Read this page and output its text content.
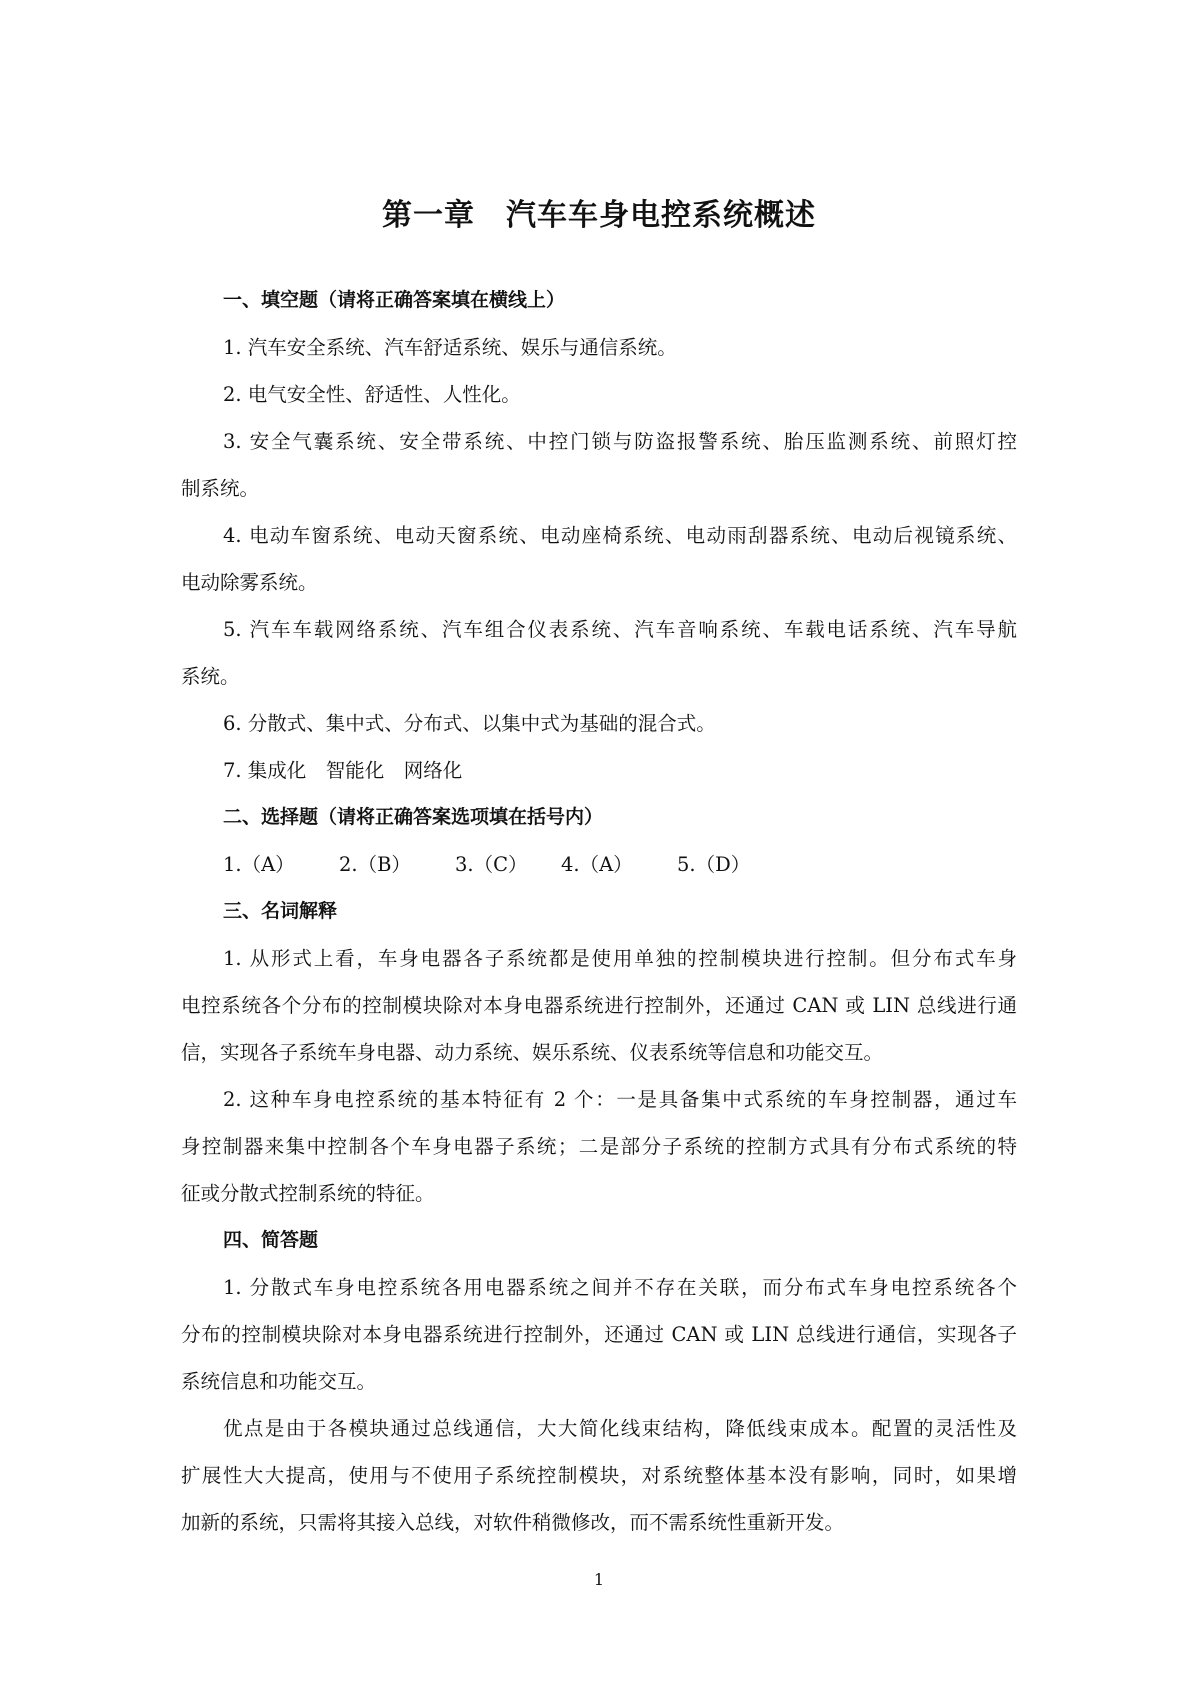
第一章　汽车车身电控系统概述
一、填空题（请将正确答案填在横线上）
1. 汽车安全系统、汽车舒适系统、娱乐与通信系统。
2. 电气安全性、舒适性、人性化。
3. 安全气囊系统、安全带系统、中控门锁与防盗报警系统、胎压监测系统、前照灯控
制系统。
4. 电动车窗系统、电动天窗系统、电动座椅系统、电动雨刮器系统、电动后视镜系统、
电动除雾系统。
5. 汽车车载网络系统、汽车组合仪表系统、汽车音响系统、车载电话系统、汽车导航
系统。
6. 分散式、集中式、分布式、以集中式为基础的混合式。
7. 集成化　智能化　网络化
二、选择题（请将正确答案选项填在括号内）
1.（A） 2.（B） 3.（C） 4.（A） 5.（D）
三、名词解释
1. 从形式上看，车身电器各子系统都是使用单独的控制模块进行控制。但分布式车身
电控系统各个分布的控制模块除对本身电器系统进行控制外，还通过 CAN 或 LIN 总线进行通
信，实现各子系统车身电器、动力系统、娱乐系统、仪表系统等信息和功能交互。
2. 这种车身电控系统的基本特征有 2 个：一是具备集中式系统的车身控制器，通过车
身控制器来集中控制各个车身电器子系统；二是部分子系统的控制方式具有分布式系统的特
征或分散式控制系统的特征。
四、简答题
1. 分散式车身电控系统各用电器系统之间并不存在关联，而分布式车身电控系统各个
分布的控制模块除对本身电器系统进行控制外，还通过 CAN 或 LIN 总线进行通信，实现各子
系统信息和功能交互。
优点是由于各模块通过总线通信，大大简化线束结构，降低线束成本。配置的灵活性及
扩展性大大提高，使用与不使用子系统控制模块，对系统整体基本没有影响，同时，如果增
加新的系统，只需将其接入总线，对软件稍微修改，而不需系统性重新开发。
1
